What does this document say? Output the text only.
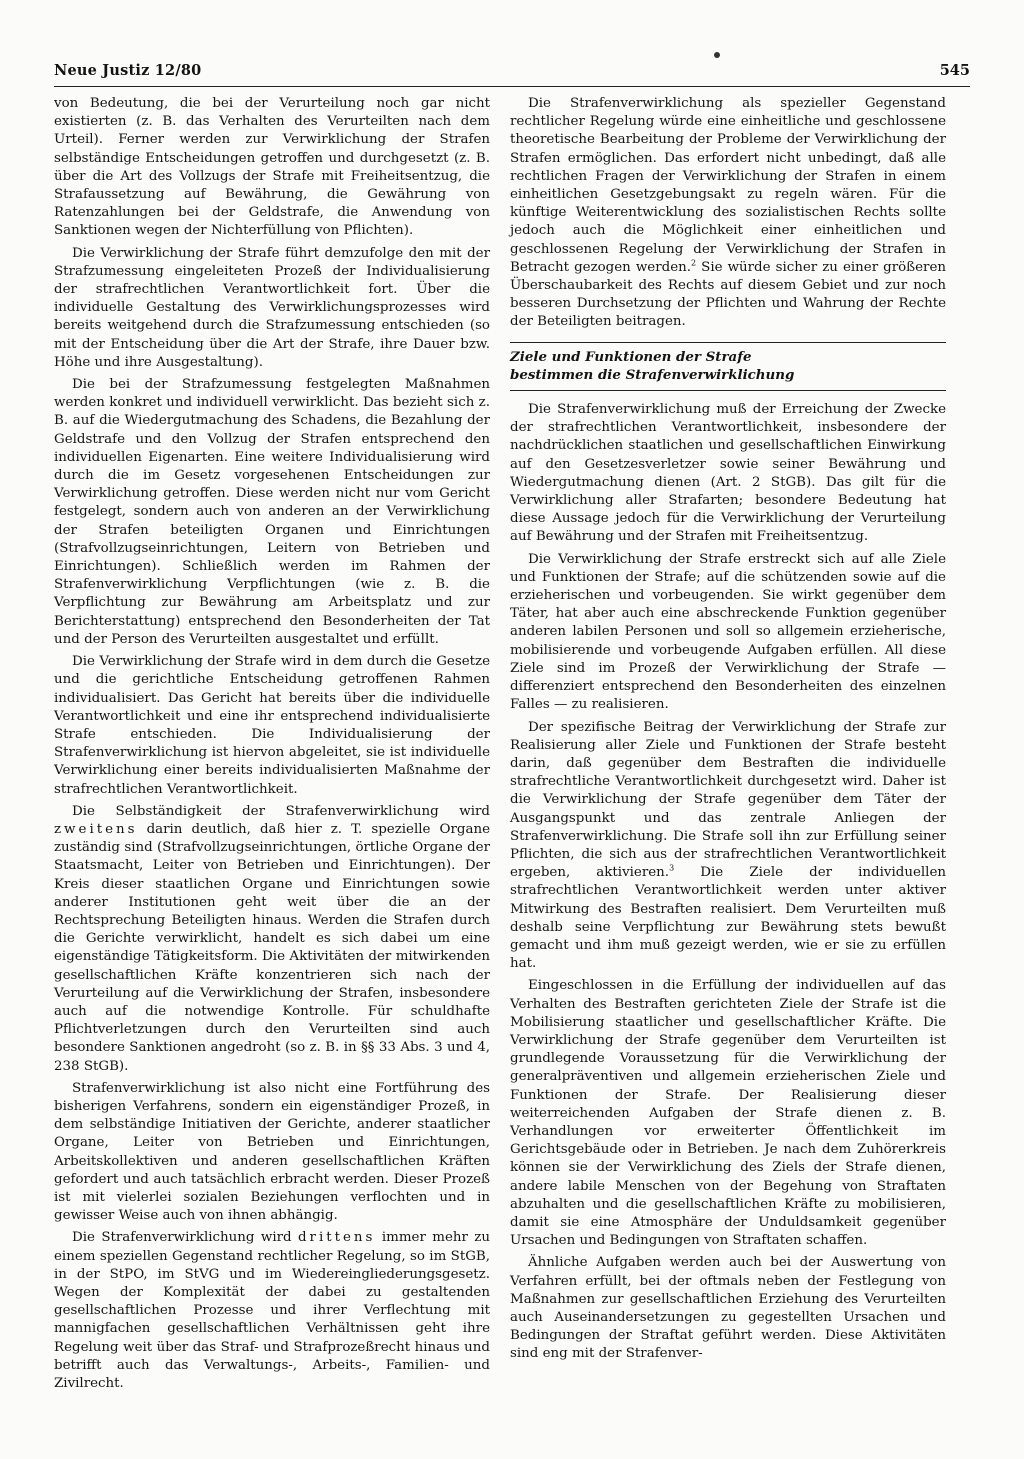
Neue Justiz 12/80	545

von Bedeutung, die bei der Verurteilung noch gar nicht existierten (z. B. das Verhalten des Verurteilten nach dem Urteil). Ferner werden zur Verwirklichung der Strafen selbständige Entscheidungen getroffen und durchgesetzt (z. B. über die Art des Vollzugs der Strafe mit Freiheitsentzug, die Strafaussetzung auf Bewährung, die Gewährung von Ratenzahlungen bei der Geldstrafe, die Anwendung von Sanktionen wegen der Nichterfüllung von Pflichten).

Die Verwirklichung der Strafe führt demzufolge den mit der Strafzumessung eingeleiteten Prozeß der Individualisierung der strafrechtlichen Verantwortlichkeit fort. Über die individuelle Gestaltung des Verwirklichungsprozesses wird bereits weitgehend durch die Strafzumessung entschieden (so mit der Entscheidung über die Art der Strafe, ihre Dauer bzw. Höhe und ihre Ausgestaltung).

Die bei der Strafzumessung festgelegten Maßnahmen werden konkret und individuell verwirklicht. Das bezieht sich z. B. auf die Wiedergutmachung des Schadens, die Bezahlung der Geldstrafe und den Vollzug der Strafen entsprechend den individuellen Eigenarten. Eine weitere Individualisierung wird durch die im Gesetz vorgesehenen Entscheidungen zur Verwirklichung getroffen. Diese werden nicht nur vom Gericht festgelegt, sondern auch von anderen an der Verwirklichung der Strafen beteiligten Organen und Einrichtungen (Strafvollzugseinrichtungen, Leitern von Betrieben und Einrichtungen). Schließlich werden im Rahmen der Strafenverwirklichung Verpflichtungen (wie z. B. die Verpflichtung zur Bewährung am Arbeitsplatz und zur Berichterstattung) entsprechend den Besonderheiten der Tat und der Person des Verurteilten ausgestaltet und erfüllt.

Die Verwirklichung der Strafe wird in dem durch die Gesetze und die gerichtliche Entscheidung getroffenen Rahmen individualisiert. Das Gericht hat bereits über die individuelle Verantwortlichkeit und eine ihr entsprechend individualisierte Strafe entschieden. Die Individualisierung der Strafenverwirklichung ist hiervon abgeleitet, sie ist individuelle Verwirklichung einer bereits individualisierten Maßnahme der strafrechtlichen Verantwortlichkeit.

Die Selbständigkeit der Strafenverwirklichung wird zweitens darin deutlich, daß hier z. T. spezielle Organe zuständig sind (Strafvollzugseinrichtungen, örtliche Organe der Staatsmacht, Leiter von Betrieben und Einrichtungen). Der Kreis dieser staatlichen Organe und Einrichtungen sowie anderer Institutionen geht weit über die an der Rechtsprechung Beteiligten hinaus. Werden die Strafen durch die Gerichte verwirklicht, handelt es sich dabei um eine eigenständige Tätigkeitsform. Die Aktivitäten der mitwirkenden gesellschaftlichen Kräfte konzentrieren sich nach der Verurteilung auf die Verwirklichung der Strafen, insbesondere auch auf die notwendige Kontrolle. Für schuldhafte Pflichtverletzungen durch den Verurteilten sind auch besondere Sanktionen angedroht (so z. B. in §§ 33 Abs. 3 und 4, 238 StGB).

Strafenverwirklichung ist also nicht eine Fortführung des bisherigen Verfahrens, sondern ein eigenständiger Prozeß, in dem selbständige Initiativen der Gerichte, anderer staatlicher Organe, Leiter von Betrieben und Einrichtungen, Arbeitskollektiven und anderen gesellschaftlichen Kräften gefordert und auch tatsächlich erbracht werden. Dieser Prozeß ist mit vielerlei sozialen Beziehungen verflochten und in gewisser Weise auch von ihnen abhängig.

Die Strafenverwirklichung wird drittens immer mehr zu einem speziellen Gegenstand rechtlicher Regelung, so im StGB, in der StPO, im StVG und im Wiedereingliederungsgesetz. Wegen der Komplexität der dabei zu gestaltenden gesellschaftlichen Prozesse und ihrer Verflechtung mit mannigfachen gesellschaftlichen Verhältnissen geht ihre Regelung weit über das Straf- und Strafprozeßrecht hinaus und betrifft auch das Verwaltungs-, Arbeits-, Familien- und Zivilrecht.

Die Strafenverwirklichung als spezieller Gegenstand rechtlicher Regelung würde eine einheitliche und geschlossene theoretische Bearbeitung der Probleme der Verwirklichung der Strafen ermöglichen. Das erfordert nicht unbedingt, daß alle rechtlichen Fragen der Verwirklichung der Strafen in einem einheitlichen Gesetzgebungsakt zu regeln wären. Für die künftige Weiterentwicklung des sozialistischen Rechts sollte jedoch auch die Möglichkeit einer einheitlichen und geschlossenen Regelung der Verwirklichung der Strafen in Betracht gezogen werden.$^2$ Sie würde sicher zu einer größeren Überschaubarkeit des Rechts auf diesem Gebiet und zur noch besseren Durchsetzung der Pflichten und Wahrung der Rechte der Beteiligten beitragen.

Ziele und Funktionen der Strafe
bestimmen die Strafenverwirklichung

Die Strafenverwirklichung muß der Erreichung der Zwecke der strafrechtlichen Verantwortlichkeit, insbesondere der nachdrücklichen staatlichen und gesellschaftlichen Einwirkung auf den Gesetzesverletzer sowie seiner Bewährung und Wiedergutmachung dienen (Art. 2 StGB). Das gilt für die Verwirklichung aller Strafarten; besondere Bedeutung hat diese Aussage jedoch für die Verwirklichung der Verurteilung auf Bewährung und der Strafen mit Freiheitsentzug.

Die Verwirklichung der Strafe erstreckt sich auf alle Ziele und Funktionen der Strafe; auf die schützenden sowie auf die erzieherischen und vorbeugenden. Sie wirkt gegenüber dem Täter, hat aber auch eine abschreckende Funktion gegenüber anderen labilen Personen und soll so allgemein erzieherische, mobilisierende und vorbeugende Aufgaben erfüllen. All diese Ziele sind im Prozeß der Verwirklichung der Strafe — differenziert entsprechend den Besonderheiten des einzelnen Falles — zu realisieren.

Der spezifische Beitrag der Verwirklichung der Strafe zur Realisierung aller Ziele und Funktionen der Strafe besteht darin, daß gegenüber dem Bestraften die individuelle strafrechtliche Verantwortlichkeit durchgesetzt wird. Daher ist die Verwirklichung der Strafe gegenüber dem Täter der Ausgangspunkt und das zentrale Anliegen der Strafenverwirklichung. Die Strafe soll ihn zur Erfüllung seiner Pflichten, die sich aus der strafrechtlichen Verantwortlichkeit ergeben, aktivieren.$^3$ Die Ziele der individuellen strafrechtlichen Verantwortlichkeit werden unter aktiver Mitwirkung des Bestraften realisiert. Dem Verurteilten muß deshalb seine Verpflichtung zur Bewährung stets bewußt gemacht und ihm muß gezeigt werden, wie er sie zu erfüllen hat.

Eingeschlossen in die Erfüllung der individuellen auf das Verhalten des Bestraften gerichteten Ziele der Strafe ist die Mobilisierung staatlicher und gesellschaftlicher Kräfte. Die Verwirklichung der Strafe gegenüber dem Verurteilten ist grundlegende Voraussetzung für die Verwirklichung der generalpräventiven und allgemein erzieherischen Ziele und Funktionen der Strafe. Der Realisierung dieser weiterreichenden Aufgaben der Strafe dienen z. B. Verhandlungen vor erweiterter Öffentlichkeit im Gerichtsgebäude oder in Betrieben. Je nach dem Zuhörerkreis können sie der Verwirklichung des Ziels der Strafe dienen, andere labile Menschen von der Begehung von Straftaten abzuhalten und die gesellschaftlichen Kräfte zu mobilisieren, damit sie eine Atmosphäre der Unduldsamkeit gegenüber Ursachen und Bedingungen von Straftaten schaffen.

Ähnliche Aufgaben werden auch bei der Auswertung von Verfahren erfüllt, bei der oftmals neben der Festlegung von Maßnahmen zur gesellschaftlichen Erziehung des Verurteilten auch Auseinandersetzungen zu gegestellten Ursachen und Bedingungen der Straftat geführt werden. Diese Aktivitäten sind eng mit der Strafenver-
